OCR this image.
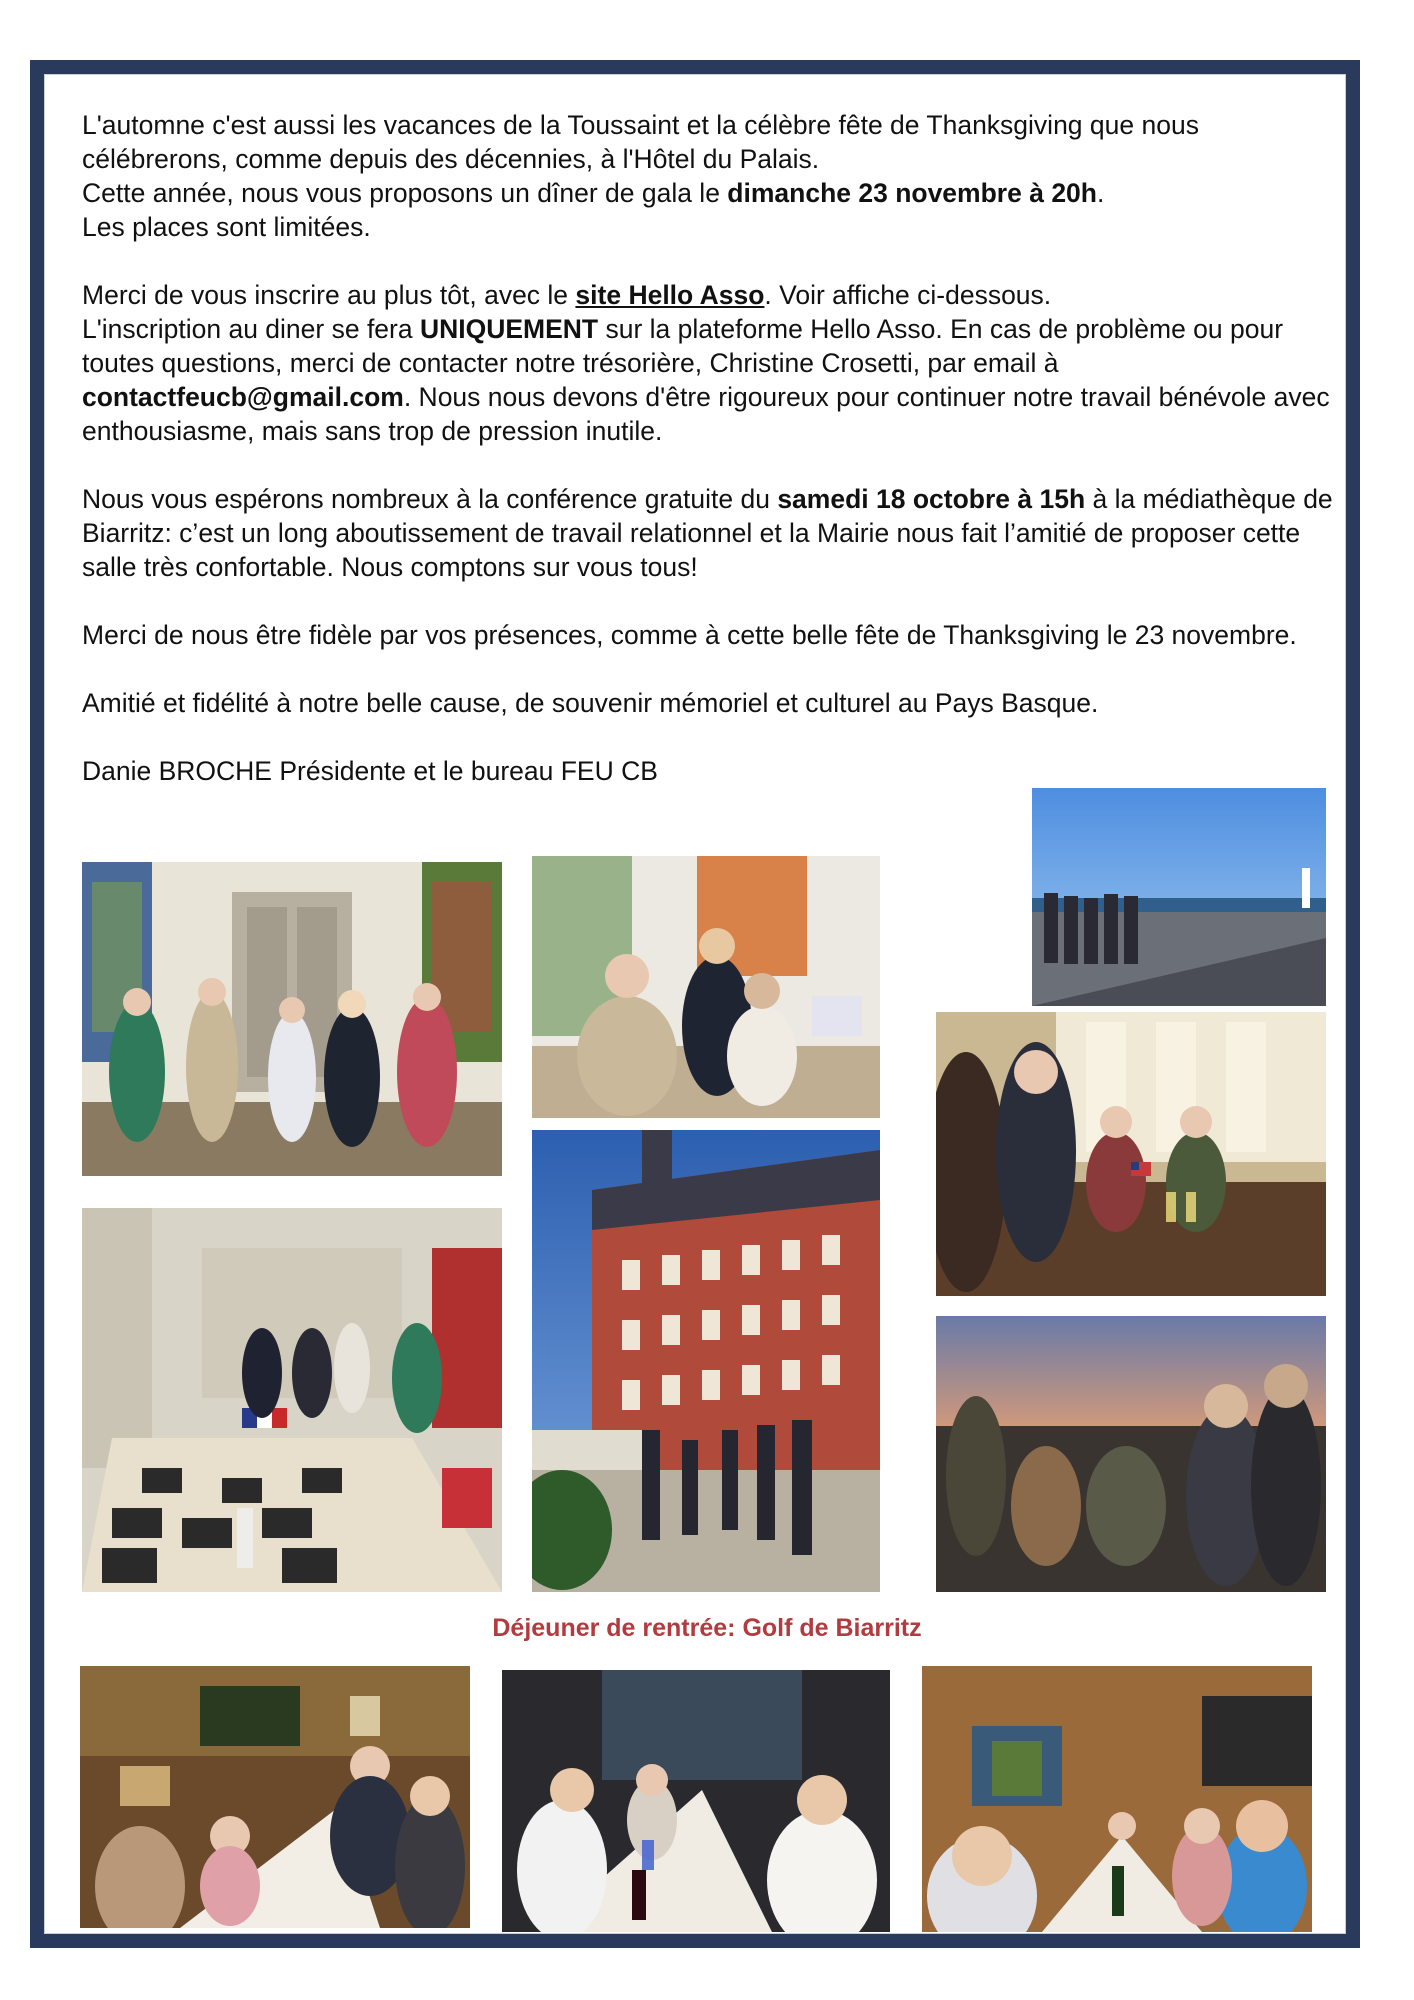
L'automne c'est aussi les vacances de la Toussaint et la célèbre fête de Thanksgiving que nous célébrerons, comme depuis des décennies, à l'Hôtel du Palais.
Cette année, nous vous proposons un dîner de gala le dimanche 23 novembre à 20h.
Les places sont limitées.

Merci de vous inscrire au plus tôt, avec le site Hello Asso. Voir affiche ci-dessous.
L'inscription au diner se fera UNIQUEMENT sur la plateforme Hello Asso. En cas de problème ou pour toutes questions, merci de contacter notre trésorière, Christine Crosetti, par email à contactfeucb@gmail.com. Nous nous devons d'être rigoureux pour continuer notre travail bénévole avec enthousiasme, mais sans trop de pression inutile.

Nous vous espérons nombreux à la conférence gratuite du samedi 18 octobre à 15h à la médiathèque de Biarritz: c’est un long aboutissement de travail relationnel et la Mairie nous fait l’amitié de proposer cette salle très confortable. Nous comptons sur vous tous!

Merci de nous être fidèle par vos présences, comme à cette belle fête de Thanksgiving le 23 novembre.

Amitié et fidélité à notre belle cause, de souvenir mémoriel et culturel au Pays Basque.

Danie BROCHE Présidente et le bureau FEU CB

Déjeuner de rentrée: Golf de Biarritz
